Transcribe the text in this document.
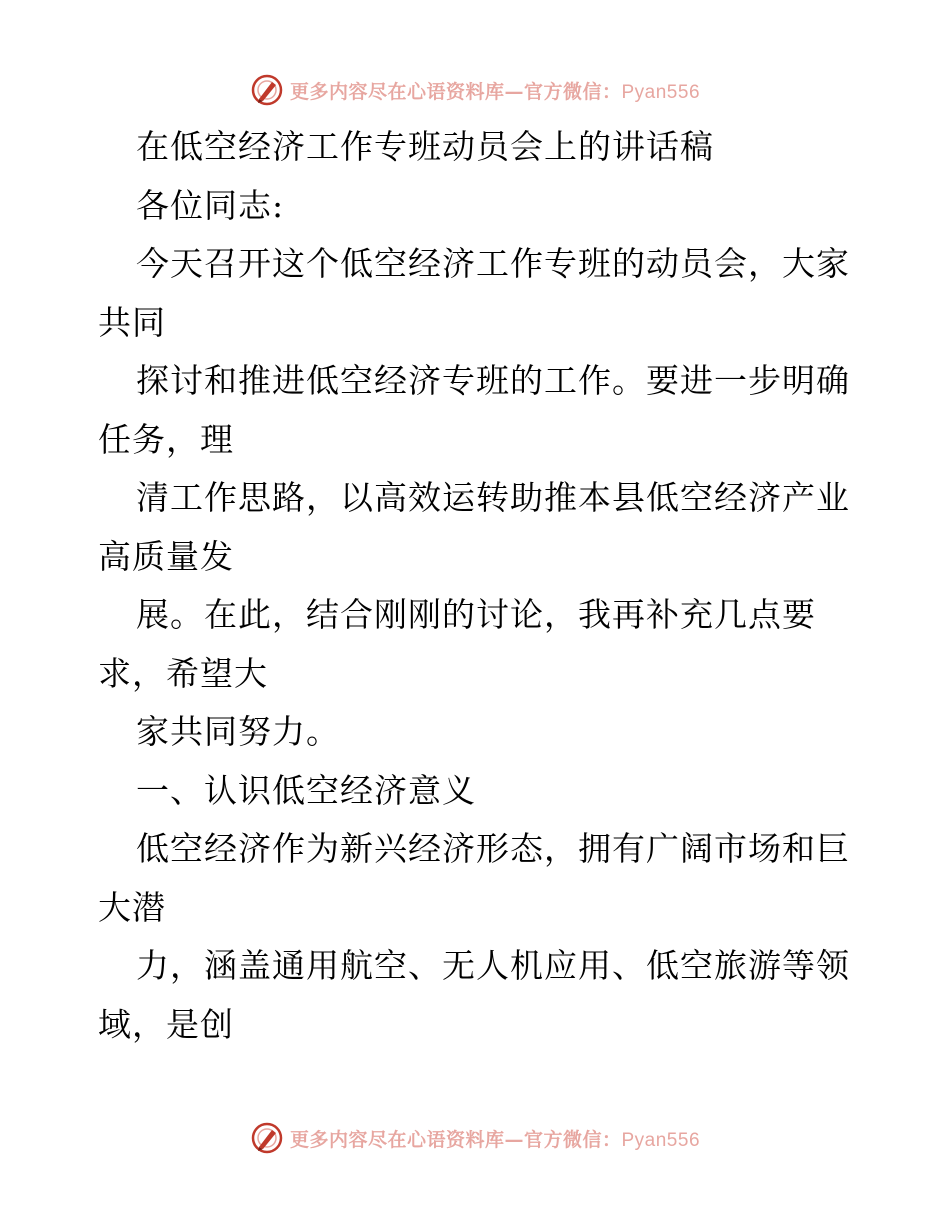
更多内容尽在心语资料库—官方微信：Pyan556
在低空经济工作专班动员会上的讲话稿
各位同志:
今天召开这个低空经济工作专班的动员会，大家
共同
探讨和推进低空经济专班的工作。要进一步明确
任务，理
清工作思路，以高效运转助推本县低空经济产业
高质量发
展。在此，结合刚刚的讨论，我再补充几点要
求，希望大
家共同努力。
一、认识低空经济意义
低空经济作为新兴经济形态，拥有广阔市场和巨
大潜
力，涵盖通用航空、无人机应用、低空旅游等领
域，是创
更多内容尽在心语资料库—官方微信：Pyan556
